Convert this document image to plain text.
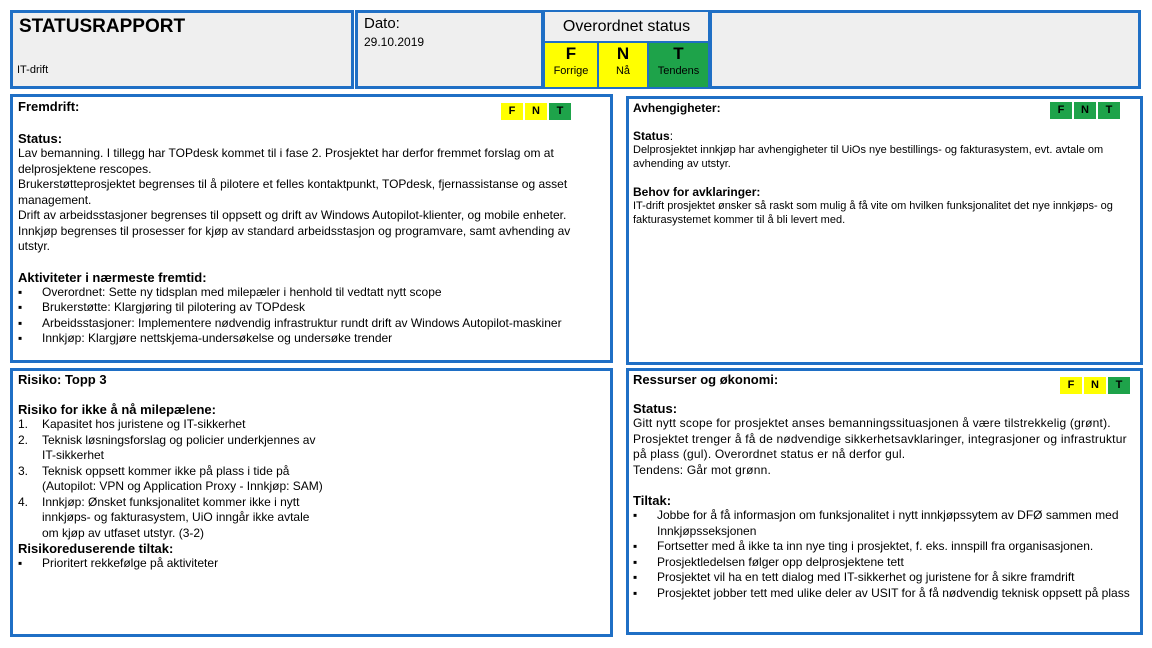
STATUSRAPPORT
IT-drift
Dato:
29.10.2019
Overordnet status
F
Forrige
N
Nå
T
Tendens
Fremdrift:	F	N	T
Status:

Lav bemanning. I tillegg har TOPdesk kommet til i fase 2. Prosjektet har derfor fremmet forslag om at delprosjektene rescopes.

Brukerstøtteprosjektet begrenses til å pilotere et felles kontaktpunkt, TOPdesk, fjernassistanse og asset management.

Drift av arbeidsstasjoner begrenses til oppsett og drift av Windows Autopilot-klienter, og mobile enheter.

Innkjøp begrenses til prosesser for kjøp av standard arbeidsstasjon og programvare, samt avhending av utstyr.

Aktiviteter i nærmeste fremtid:
▪ Overordnet: Sette ny tidsplan med milepæler i henhold til vedtatt nytt scope
▪ Brukerstøtte: Klargjøring til pilotering av TOPdesk
▪ Arbeidsstasjoner: Implementere nødvendig infrastruktur rundt drift av Windows Autopilot-maskiner
▪ Innkjøp: Klargjøre nettskjema-undersøkelse og undersøke trender
Avhengigheter:	F	N	T
Status:
Delprosjektet innkjøp har avhengigheter til UiOs nye bestillings- og fakturasystem, evt. avtale om avhending av utstyr.
Behov for avklaringer:
IT-drift prosjektet ønsker så raskt som mulig å få vite om hvilken funksjonalitet det nye innkjøps- og fakturasystemet kommer til å bli levert med.
Risiko: Topp 3
Risiko for ikke å nå milepælene:
1. Kapasitet hos juristene og IT-sikkerhet
2. Teknisk løsningsforslag og policier underkjennes av IT-sikkerhet
3. Teknisk oppsett kommer ikke på plass i tide på (Autopilot: VPN og Application Proxy - Innkjøp: SAM)
4. Innkjøp: Ønsket funksjonalitet kommer ikke i nytt innkjøps- og fakturasystem, UiO inngår ikke avtale om kjøp av utfaset utstyr. (3-2)
Risikoreduserende tiltak:
▪ Prioritert rekkefølge på aktiviteter
Ressurser og økonomi:	F	N	T
Status:

Gitt nytt scope for prosjektet anses bemanningssituasjonen å være tilstrekkelig (grønt). Prosjektet trenger å få de nødvendige sikkerhetsavklaringer, integrasjoner og infrastruktur på plass (gul). Overordnet status er nå derfor gul.

Tendens: Går mot grønn.

Tiltak:
▪ Jobbe for å få informasjon om funksjonalitet i nytt innkjøpssytem av DFØ sammen med Innkjøpsseksjonen
▪ Fortsetter med å ikke ta inn nye ting i prosjektet, f. eks. innspill fra organisasjonen.
▪ Prosjektledelsen følger opp delprosjektene tett
▪ Prosjektet vil ha en tett dialog med IT-sikkerhet og juristene for å sikre framdrift
▪ Prosjektet jobber tett med ulike deler av USIT for å få nødvendig teknisk oppsett på plass
